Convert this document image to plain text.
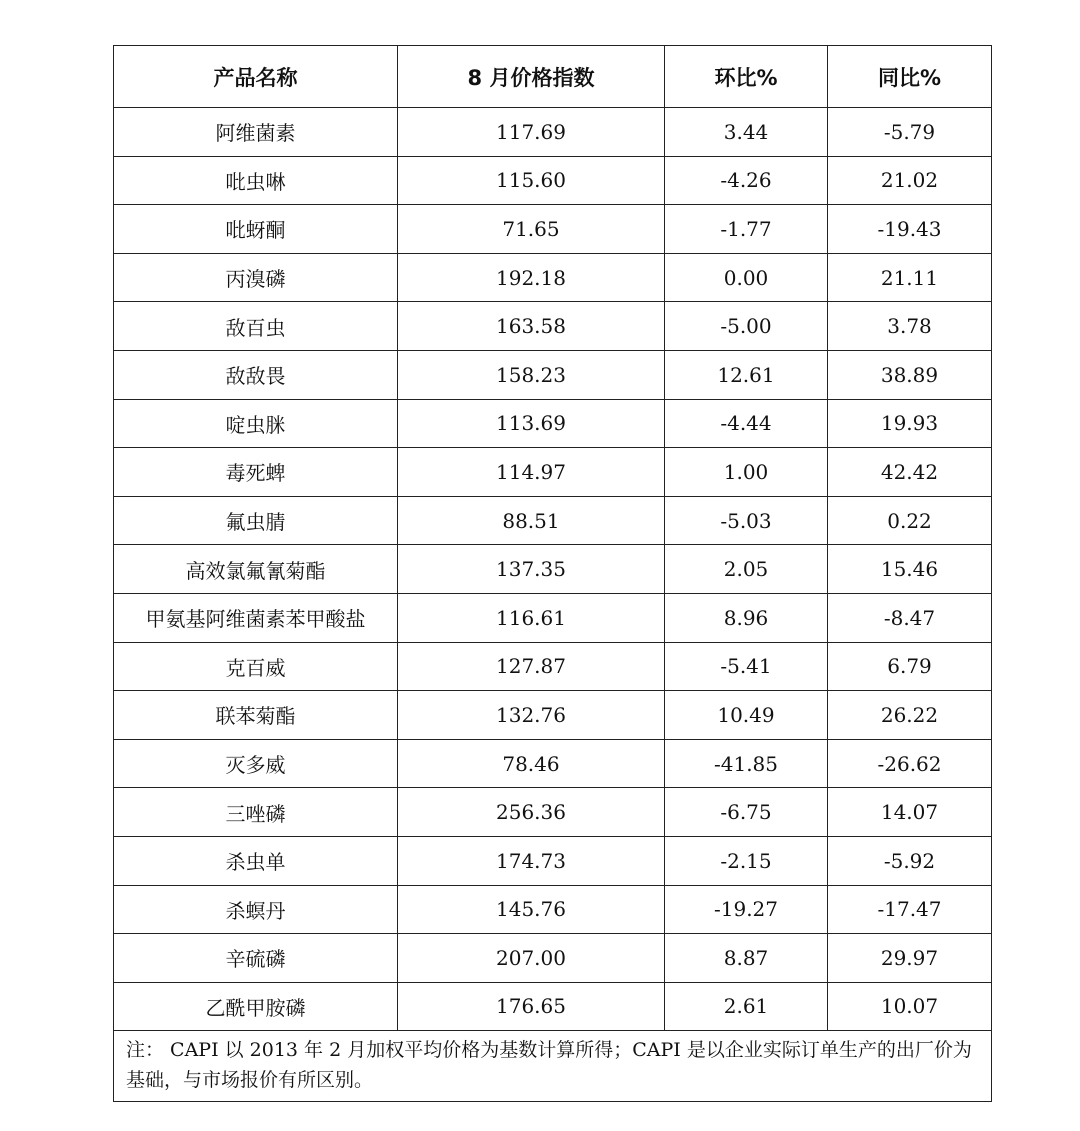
产品名称	8 月价格指数	环比%	同比%
阿维菌素	117.69	3.44	-5.79
吡虫啉	115.60	-4.26	21.02
吡蚜酮	71.65	-1.77	-19.43
丙溴磷	192.18	0.00	21.11
敌百虫	163.58	-5.00	3.78
敌敌畏	158.23	12.61	38.89
啶虫脒	113.69	-4.44	19.93
毒死蜱	114.97	1.00	42.42
氟虫腈	88.51	-5.03	0.22
高效氯氟氰菊酯	137.35	2.05	15.46
甲氨基阿维菌素苯甲酸盐	116.61	8.96	-8.47
克百威	127.87	-5.41	6.79
联苯菊酯	132.76	10.49	26.22
灭多威	78.46	-41.85	-26.62
三唑磷	256.36	-6.75	14.07
杀虫单	174.73	-2.15	-5.92
杀螟丹	145.76	-19.27	-17.47
辛硫磷	207.00	8.87	29.97
乙酰甲胺磷	176.65	2.61	10.07
注： CAPI 以 2013 年 2 月加权平均价格为基数计算所得；CAPI 是以企业实际订单生产的出厂价为基础，与市场报价有所区别。			
